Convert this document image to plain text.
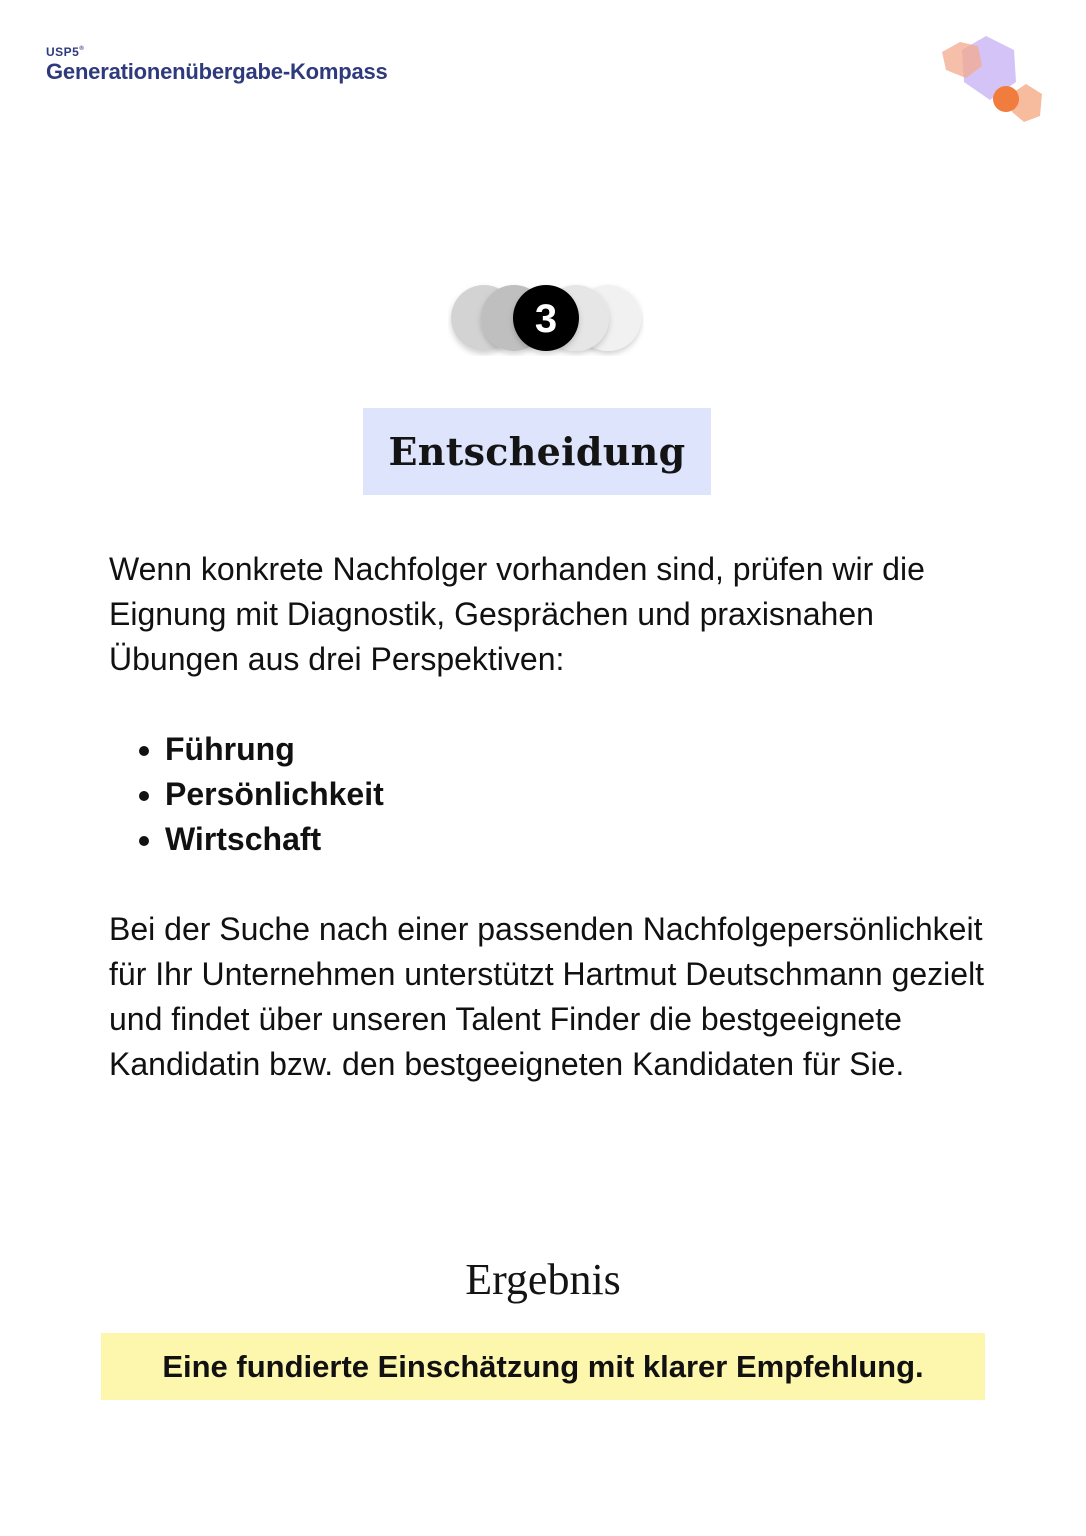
USP5®
Generationenübergabe-Kompass
3
Entscheidung

Wenn konkrete Nachfolger vorhanden sind, prüfen wir die Eignung mit Diagnostik, Gesprächen und praxisnahen Übungen aus drei Perspektiven:

• Führung
• Persönlichkeit
• Wirtschaft

Bei der Suche nach einer passenden Nachfolgepersönlichkeit für Ihr Unternehmen unterstützt Hartmut Deutschmann gezielt und findet über unseren Talent Finder die bestgeeignete Kandidatin bzw. den bestgeeigneten Kandidaten für Sie.

Ergebnis
Eine fundierte Einschätzung mit klarer Empfehlung.
